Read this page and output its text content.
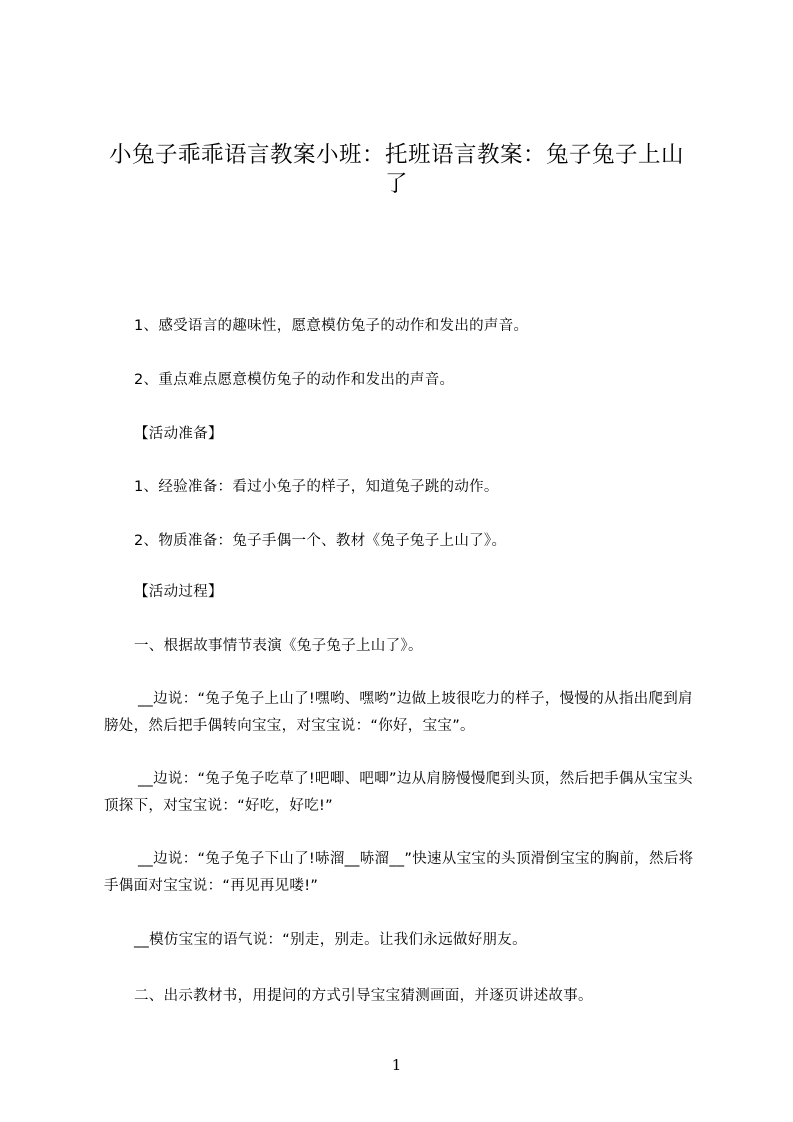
小兔子乖乖语言教案小班：托班语言教案：兔子兔子上山了
1、感受语言的趣味性，愿意模仿兔子的动作和发出的声音。
2、重点难点愿意模仿兔子的动作和发出的声音。
【活动准备】
1、经验准备：看过小兔子的样子，知道兔子跳的动作。
2、物质准备：兔子手偶一个、教材《兔子兔子上山了》。
【活动过程】
一、根据故事情节表演《兔子兔子上山了》。
__边说：“兔子兔子上山了!嘿哟、嘿哟”边做上坡很吃力的样子，慢慢的从指出爬到肩膀处，然后把手偶转向宝宝，对宝宝说：“你好，宝宝”。
__边说：“兔子兔子吃草了!吧唧、吧唧”边从肩膀慢慢爬到头顶，然后把手偶从宝宝头顶探下，对宝宝说：“好吃，好吃!”
__边说：“兔子兔子下山了!哧溜__哧溜__”快速从宝宝的头顶滑倒宝宝的胸前，然后将手偶面对宝宝说：“再见再见喽!”
__模仿宝宝的语气说：“别走，别走。让我们永远做好朋友。
二、出示教材书，用提问的方式引导宝宝猜测画面，并逐页讲述故事。
1
